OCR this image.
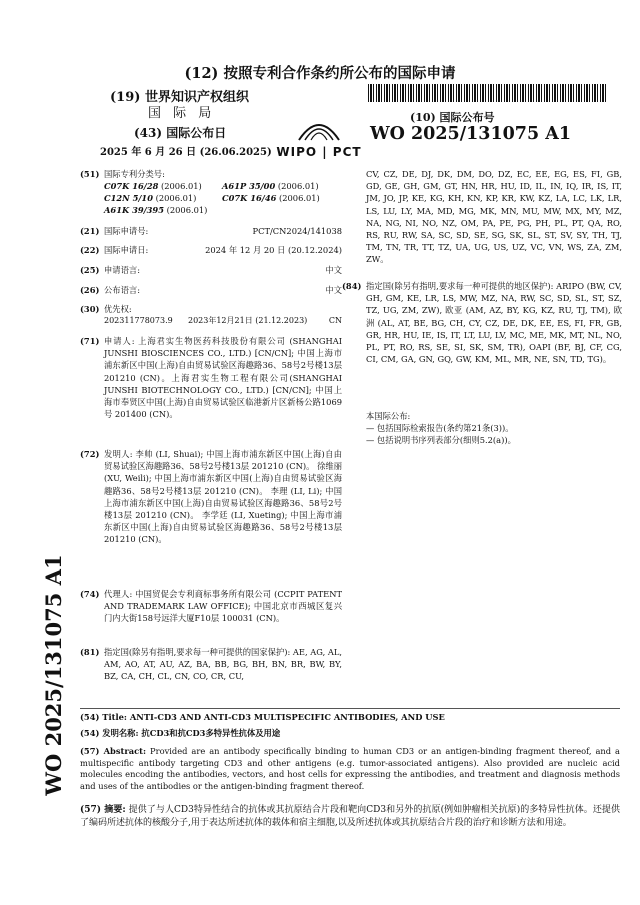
(12) 按照专利合作条约所公布的国际申请
(19) 世界知识产权组织
国 际 局
(43) 国际公布日
2025 年 6 月 26 日 (26.06.2025) WIPO | PCT
(10) 国际公布号
WO 2025/131075 A1
WO 2025/131075 A1
(51) 国际专利分类号:
C07K 16/28 (2006.01) A61P 35/00 (2006.01)
C12N 5/10 (2006.01)	C07K 16/46 (2006.01)
A61K 39/395 (2006.01)
(21) 国际申请号:	PCT/CN2024/141038
(22) 国际申请日:	2024 年 12 月 20 日 (20.12.2024)
(25) 申请语言:	中文
(26) 公布语言:	中文
(30) 优先权:
202311778073.9 2023年12月21日 (21.12.2023)	CN
(71) 申请人: 上海君实生物医药科技股份有限公司 (SHANGHAI JUNSHI BIOSCIENCES CO., LTD.) [CN/CN]; 中国上海市浦东新区中国(上海)自由贸易试验区海趣路36、58号2号楼13层 201210 (CN)。上海君实生物工程有限公司(SHANGHAI JUNSHI BIOTECHNOLOGY CO., LTD.) [CN/CN]; 中国上海市奉贤区中国(上海)自由贸易试验区临港新片区新杨公路1069号 201400 (CN)。
(72) 发明人: 李帅 (LI, Shuai); 中国上海市浦东新区中国(上海)自由贸易试验区海趣路36、58号2号楼13层 201210 (CN)。 徐维丽 (XU, Weili); 中国上海市浦东新区中国(上海)自由贸易试验区海趣路36、58号2号楼13层 201210 (CN)。 李理 (LI, Li); 中国上海市浦东新区中国(上海)自由贸易试验区海趣路36、58号2号楼13层 201210 (CN)。 李学廷 (LI, Xueting); 中国上海市浦东新区中国(上海)自由贸易试验区海趣路36、58号2号楼13层 201210 (CN)。
(74) 代理人: 中国贸促会专利商标事务所有限公司 (CCPIT PATENT AND TRADEMARK LAW OFFICE); 中国北京市西城区复兴门内大街158号远洋大厦F10层 100031 (CN)。
(81) 指定国(除另有指明,要求每一种可提供的国家保护): AE, AG, AL, AM, AO, AT, AU, AZ, BA, BB, BG, BH, BN, BR, BW, BY, BZ, CA, CH, CL, CN, CO, CR, CU,
CV, CZ, DE, DJ, DK, DM, DO, DZ, EC, EE, EG, ES, FI, GB, GD, GE, GH, GM, GT, HN, HR, HU, ID, IL, IN, IQ, IR, IS, IT, JM, JO, JP, KE, KG, KH, KN, KP, KR, KW, KZ, LA, LC, LK, LR, LS, LU, LY, MA, MD, MG, MK, MN, MU, MW, MX, MY, MZ, NA, NG, NI, NO, NZ, OM, PA, PE, PG, PH, PL, PT, QA, RO, RS, RU, RW, SA, SC, SD, SE, SG, SK, SL, ST, SV, SY, TH, TJ, TM, TN, TR, TT, TZ, UA, UG, US, UZ, VC, VN, WS, ZA, ZM, ZW。
(84) 指定国(除另有指明,要求每一种可提供的地区保护): ARIPO (BW, CV, GH, GM, KE, LR, LS, MW, MZ, NA, RW, SC, SD, SL, ST, SZ, TZ, UG, ZM, ZW), 欧亚 (AM, AZ, BY, KG, KZ, RU, TJ, TM), 欧洲 (AL, AT, BE, BG, CH, CY, CZ, DE, DK, EE, ES, FI, FR, GB, GR, HR, HU, IE, IS, IT, LT, LU, LV, MC, ME, MK, MT, NL, NO, PL, PT, RO, RS, SE, SI, SK, SM, TR), OAPI (BF, BJ, CF, CG, CI, CM, GA, GN, GQ, GW, KM, ML, MR, NE, SN, TD, TG)。
本国际公布:
— 包括国际检索报告(条约第21条(3))。
— 包括说明书序列表部分(细则5.2(a))。
(54) Title: ANTI-CD3 AND ANTI-CD3 MULTISPECIFIC ANTIBODIES, AND USE
(54) 发明名称: 抗CD3和抗CD3多特异性抗体及用途
(57) Abstract: Provided are an antibody specifically binding to human CD3 or an antigen-binding fragment thereof, and a multispecific antibody targeting CD3 and other antigens (e.g. tumor-associated antigens). Also provided are nucleic acid molecules encoding the antibodies, vectors, and host cells for expressing the antibodies, and treatment and diagnosis methods and uses of the antibodies or the antigen-binding fragment thereof.
(57) 摘要: 提供了与人CD3特异性结合的抗体或其抗原结合片段和靶向CD3和另外的抗原(例如肿瘤相关抗原)的多特异性抗体。还提供了编码所述抗体的核酸分子,用于表达所述抗体的载体和宿主细胞,以及所述抗体或其抗原结合片段的治疗和诊断方法和用途。
